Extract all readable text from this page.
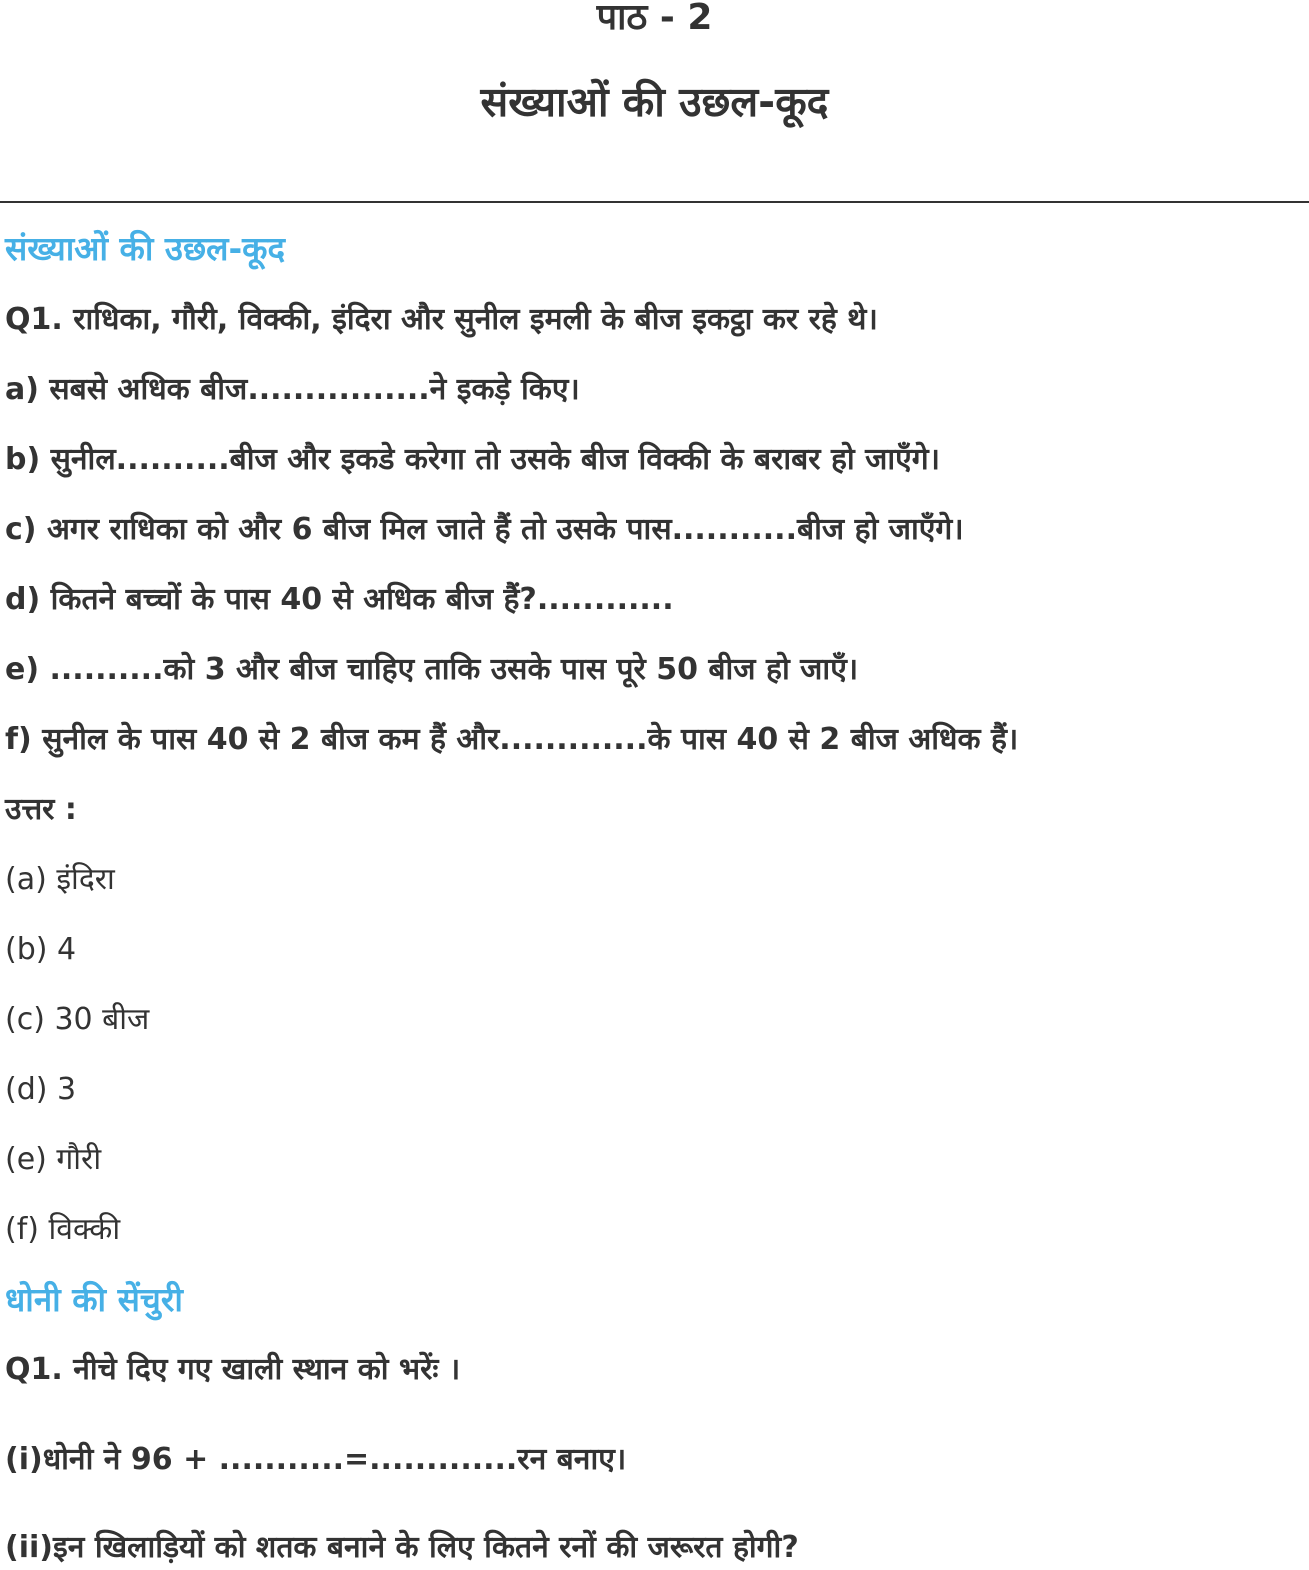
पाठ - 2
संख्याओं की उछल-कूद
संख्याओं की उछल-कूद
Q1. राधिका, गौरी, विक्की, इंदिरा और सुनील इमली के बीज इकट्ठा कर रहे थे।
a) सबसे अधिक बीज................ने इकड़े किए।
b) सुनील..........बीज और इकडे करेगा तो उसके बीज विक्की के बराबर हो जाएँगे।
c) अगर राधिका को और 6 बीज मिल जाते हैं तो उसके पास...........बीज हो जाएँगे।
d) कितने बच्चों के पास 40 से अधिक बीज हैं?............
e) ..........को 3 और बीज चाहिए ताकि उसके पास पूरे 50 बीज हो जाएँ।
f) सुनील के पास 40 से 2 बीज कम हैं और.............के पास 40 से 2 बीज अधिक हैं।
उत्तर :
(a) इंदिरा
(b) 4
(c) 30 बीज
(d) 3
(e) गौरी
(f) विक्की
धोनी की सेंचुरी
Q1. नीचे दिए गए खाली स्थान को भरेंः ।
(i)धोनी ने 96 + ...........=.............रन बनाए।
(ii)इन खिलाड़ियों को शतक बनाने के लिए कितने रनों की जरूरत होगी?
